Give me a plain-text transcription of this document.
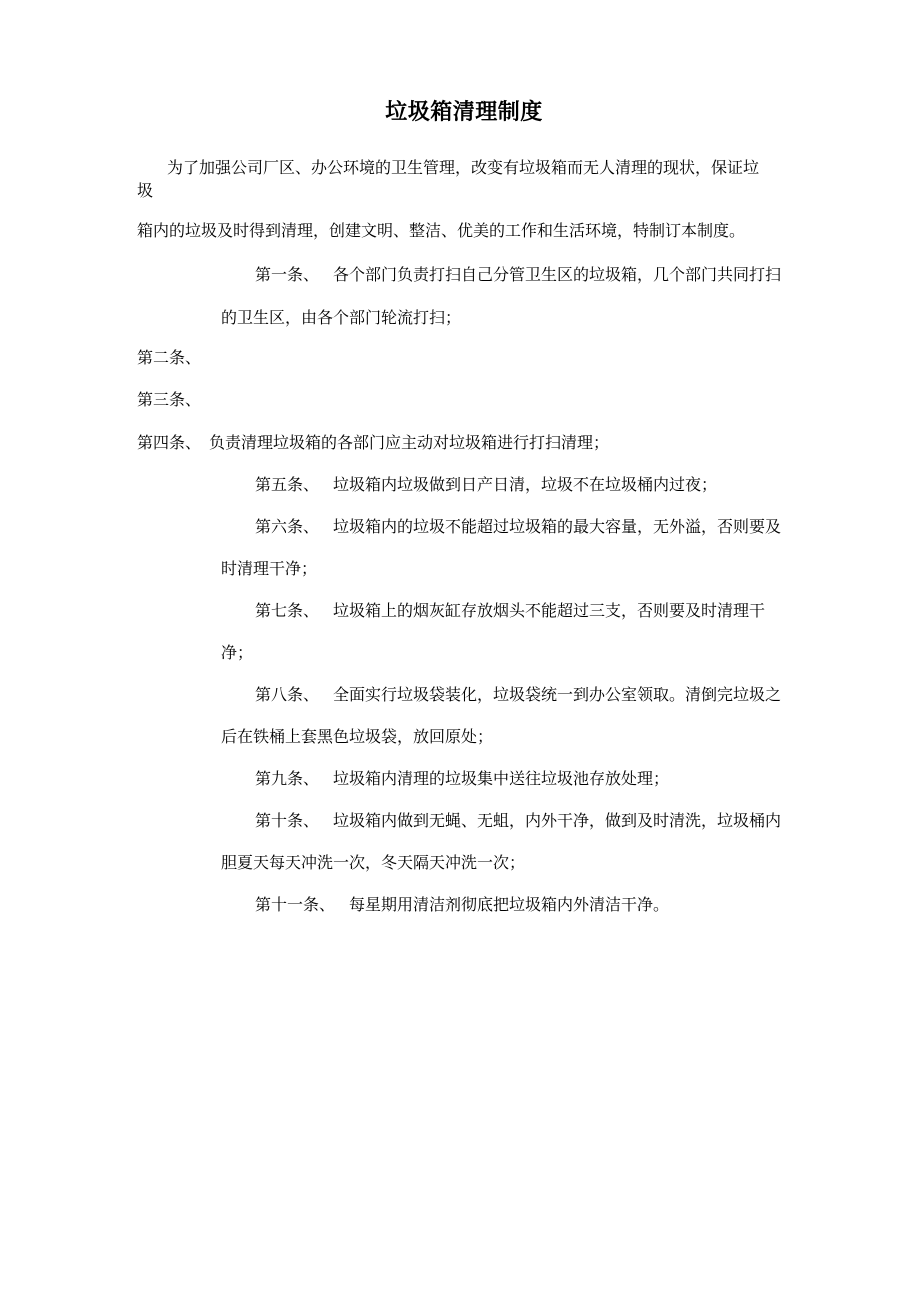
垃圾箱清理制度
为了加强公司厂区、办公环境的卫生管理，改变有垃圾箱而无人清理的现状，保证垃
圾
箱内的垃圾及时得到清理，创建文明、整洁、优美的工作和生活环境，特制订本制度。
第一条、 各个部门负责打扫自己分管卫生区的垃圾箱，几个部门共同打扫
的卫生区，由各个部门轮流打扫；
第二条、
第三条、
第四条、 负责清理垃圾箱的各部门应主动对垃圾箱进行打扫清理；
第五条、 垃圾箱内垃圾做到日产日清，垃圾不在垃圾桶内过夜；
第六条、 垃圾箱内的垃圾不能超过垃圾箱的最大容量，无外溢，否则要及
时清理干净；
第七条、 垃圾箱上的烟灰缸存放烟头不能超过三支，否则要及时清理干
净；
第八条、 全面实行垃圾袋装化，垃圾袋统一到办公室领取。清倒完垃圾之
后在铁桶上套黑色垃圾袋，放回原处；
第九条、 垃圾箱内清理的垃圾集中送往垃圾池存放处理；
第十条、 垃圾箱内做到无蝇、无蛆，内外干净，做到及时清洗，垃圾桶内
胆夏天每天冲洗一次，冬天隔天冲洗一次；
第十一条、 每星期用清洁剂彻底把垃圾箱内外清洁干净。
